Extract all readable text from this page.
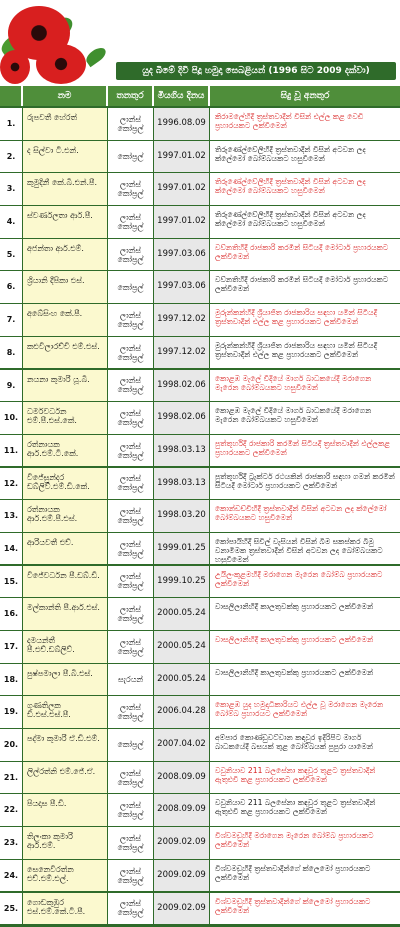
යුද බිමේ දිවි පිදූ හමුදා සෙබළියන් (1996 සිට 2009 දක්වා)
නම	තනතුර	මියගිය දිනය	සිදු වූ අනතුර
1.
රුපවතී හේරත්	ලාන්ස් කෝප්‍රල්
1996.08.09
කිරාමලේහිදී ත්‍රස්තවාදීන් විසින් එල්ල කළ වෙඩි ප්‍රහාරයකට ලක්වීමෙන්
2.
ද සිල්වා ටී.එන්.
කෝප්‍රල්	1997.01.02
තිරුණේල්වේලිහිදී ත්‍රස්තවාදීන් විසින් අටවන ලද ක්ලේමෝ බෝම්බයකට හසුවීමෙන්
3.
කුමුදිනී කේ.බී.එන්.පී.	ලාන්ස් කෝප්‍රල්
1997.01.02
තිරුණේල්වේලිහිදී ත්‍රස්තවාදීන් විසින් අටවන ලද ක්ලේමෝ බෝම්බයකට හසුවීමෙන්
4.
ස්වර්ණලතා ආර්.පී.	ලාන්ස් කෝප්‍රල්
1997.01.02
තිරුණේල්වේලිහිදී ත්‍රස්තවාදීන් විසින් අටවන ලද ක්ලේමෝ බෝම්බයකට හසුවීමෙන්
5.
අජන්තා ආර්.එම්.	ලාන්ස් කෝප්‍රල්
1997.03.06
වව්නතිහිදී රාජකාරි කරමින් සිටියදී මෝටාර් ප්‍රහාරයකට ලක්වීමෙන්
6.
ශ්‍රියානි දීපිකා එස්.
කෝප්‍රල්	1997.03.06
වව්නතිහිදී රාජකාරි කරමින් සිටියදී මෝටාර් ප්‍රහාරයකට ලක්වීමෙන්
7.
අබේසිංහ කේ.පී.	ලාන්ස් කෝප්‍රල්
1997.12.02
මුරුන්කන්හිදී ශ්‍රියාජිත රාජකාරිය සඳහා යමින් සිටියදී ත්‍රස්තවාදීන් එල්ල කළ ප්‍රහාරයකට ලක්වීමෙන්
8.
කළුවිලාරච්චි එම්.එස්.	ලාන්ස් කෝප්‍රල්
1997.12.02
මුරුන්කන්හිදී ශ්‍රියාජිත රාජකාරිය සඳහා යමින් සිටියදී ත්‍රස්තවාදීන් එල්ල කළ ප්‍රහාරයකට ලක්වීමෙන්
9.
නයනා කුමාරි යූ.බී.	ලාන්ස් කෝප්‍රල්
1998.02.06
කොළඹ මැලේ වීදියේ මාර්ග බාධකයේදී මරාගෙන මැරෙන බෝම්බයකට හසුවීමෙන්
10.
ධර්මවර්ධන එම්.පී.එස්.කේ.
ලාන්ස් කෝප්‍රල්
1998.02.06
කොළඹ මැලේ වීදියේ මාර්ග බාධකයේදී මරාගෙන මැරෙන බෝම්බයකට හසුවීමෙන්
11.
රත්නායක ආර්.එම්.ටී.කේ.
ලාන්ස් කෝප්‍රල්
1998.03.13
පුත්තූර්හිදී රාජකාරි කරමින් සිටියදී ත්‍රස්තවාදීන් එල්ලකළ ප්‍රහාරයකට ලක්වීමෙන්
12.
විජේසුන්දර ඩබ්ලිව්.එම්.ඩී.කේ.
ලාන්ස් කෝප්‍රල්
1998.03.13
පුත්තූර්හිදී ට්‍රැක්ටර් රථයකින් රාජකාරි සඳහා ගමන් කරමින් සිටියදී මෝටාර් ප්‍රහාරයකට ලක්වීමෙන්
13.
රත්නායක ආර්.එම්.පී.එස්.
ලාන්ස් කෝප්‍රල්
1998.03.20
කොන්ඩච්චිහිදී ත්‍රස්තවාදීන් විසින් අටවන ලද ක්ලේමෝ බෝම්බයකට හසුවීමෙන්
14.
ආරියවතී එච්.	ලාන්ස් කෝප්‍රල්
1999.01.25
කෝපායිහිදී සිවිල් වැසියන් විසින් බිම සකස්කර බිමු වනාමිමක ත්‍රස්තවාදීන් විසින් අටවන ලද බෝම්බයකට හසුවීමෙන්
15.
විජේවර්ධන පී.ඩබ්.ඩී.	ලාන්ස් කෝප්‍රල්
1999.10.25
උයිලංකුළමහිදී මරාගෙන මැරෙන බෝම්බ ප්‍රහාරයකට ලක්වීමෙන්
16.
මල්කාන්ති පී.ආර්.එස්.	ලාන්ස් කෝප්‍රල්
2000.05.24
වාසලිලානිහිදී කාලතුවක්කු ප්‍රහාරයකට ලක්වීමෙන්
17.
දමයන්තී පී.එච්.ඩබ්ලිව්.
ලාන්ස් කෝප්‍රල්
2000.05.24
වාසලිලානිහිදී කාලතුවක්කු ප්‍රහාරයකට ලක්වීමෙන්
18.
පුෂ්පමාලා පී.බී.එස්.
සැරයන්	2000.05.24
වාසලිලානිහිදී කාලතුවක්කු ප්‍රහාරයකට ලක්වීමෙන්
19.
ගුණතිලක ඩී.එස්.එස්.පී.
ලාන්ස් කෝප්‍රල්
2006.04.28
කොළඹ යුද හමුදාධිකාරියට එල්ල වූ මරාගෙන මැරෙන බෝම්බ ප්‍රහාරයට ලක්වීමෙන්
20.
පද්මා කුමාරි ඒ.ඩී.එම්.
කෝප්‍රල්	2007.04.02
අම්පාර කොණ්ඩුවට්වාන කඳවුර ඉදිරිපිට මාර්ග බාධකයේදී බසයක් තුළ බෝම්බයක් පුපුරා යාමෙන්
21.
ලිල්රත්නි එම්.ජේ.ඒ.	ලාන්ස් කෝප්‍රල්
2008.09.09
වවුනියාව 211 බලසේනා කඳවුර තුළට ත්‍රස්තවාදීන් ඇතුළුවී කළ ප්‍රහාරයකට ලක්වීමෙන්
22.
පියදාස පී.ඩී.	ලාන්ස් කෝප්‍රල්
2008.09.09
වවුනියාව 211 බලසේනා කඳවුර තුළට ත්‍රස්තවාදීන් ඇතුළුවී කළ ප්‍රහාරයකට ලක්වීමෙන්
23.
තිලංකා කුමාරි ආර්.එම්.
ලාන්ස් කෝප්‍රල්
2009.02.09
විශ්වමඩුහිදී මරාගෙන මැරෙන බෝම්බ ප්‍රහාරයකට ලක්වීමෙන්
24.
සෙනෙවිරත්න එච්.එම්.එල්.
ලාන්ස් කෝප්‍රල්
2009.02.09
විශ්වමඩුහිදී ත්‍රස්තවාදීන්ගේ ක්ලෙමෝ ප්‍රහාරයකට ලක්වීමෙන්
25.
ගොඩකුඹුර එස්.එම්.කේ.ටී.පී.
ලාන්ස් කෝප්‍රල්
2009.02.09
විශ්වමඩුහිදී ත්‍රස්තවාදීන්ගේ ක්ලෙමෝ ප්‍රහාරයකට ලක්වීමෙන්
